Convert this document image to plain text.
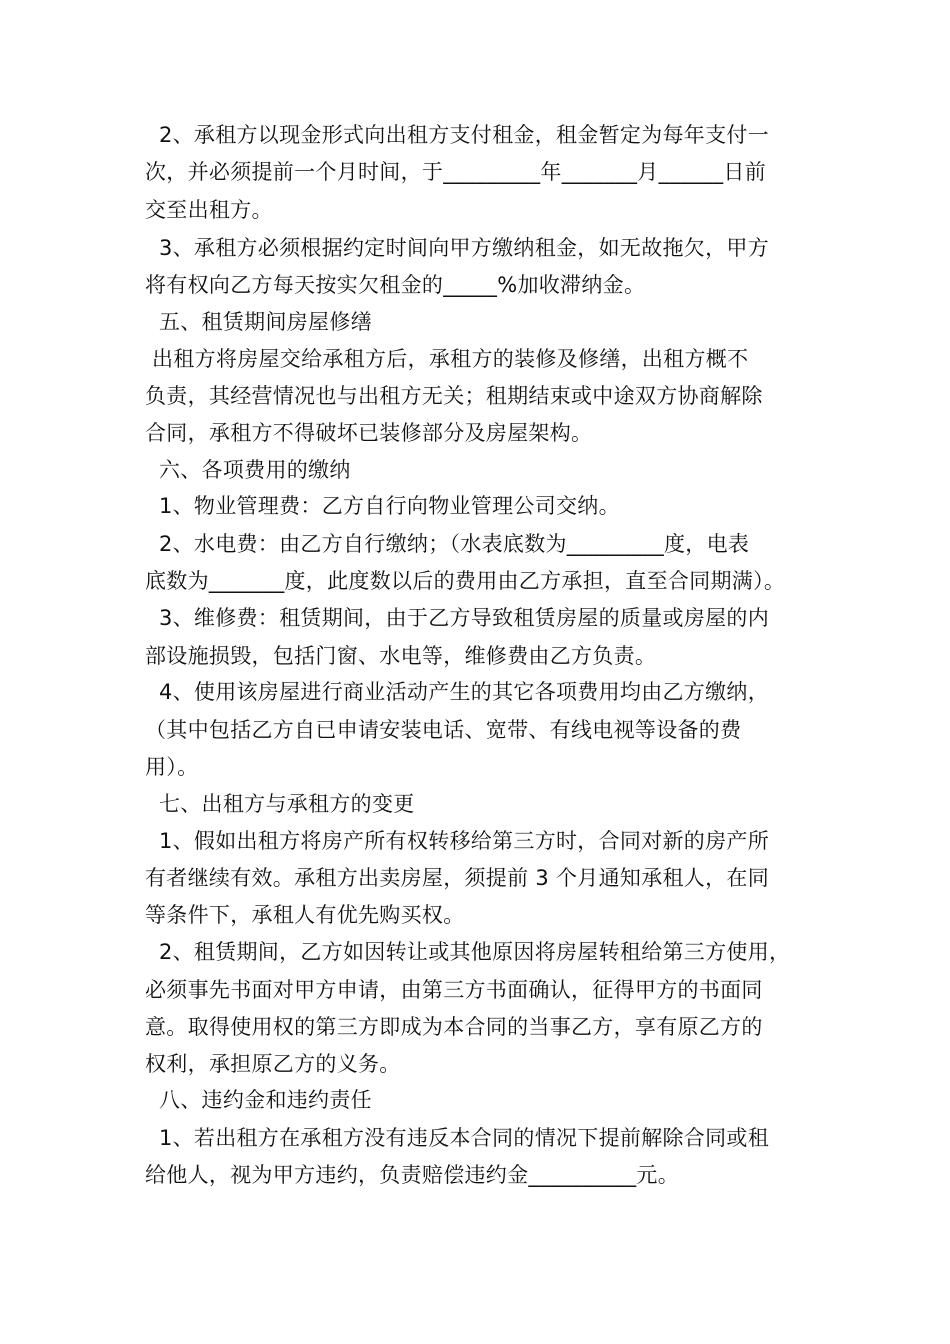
2、承租方以现金形式向出租方支付租金，租金暂定为每年支付一
次，并必须提前一个月时间，于_________年_______月______日前
交至出租方。
3、承租方必须根据约定时间向甲方缴纳租金，如无故拖欠，甲方
将有权向乙方每天按实欠租金的_____%加收滞纳金。
五、租赁期间房屋修缮
出租方将房屋交给承租方后，承租方的装修及修缮，出租方概不
负责，其经营情况也与出租方无关；租期结束或中途双方协商解除
合同，承租方不得破坏已装修部分及房屋架构。
六、各项费用的缴纳
1、物业管理费：乙方自行向物业管理公司交纳。
2、水电费：由乙方自行缴纳；（水表底数为_________度，电表
底数为_______度，此度数以后的费用由乙方承担，直至合同期满）。
3、维修费：租赁期间，由于乙方导致租赁房屋的质量或房屋的内
部设施损毁，包括门窗、水电等，维修费由乙方负责。
4、使用该房屋进行商业活动产生的其它各项费用均由乙方缴纳，
（其中包括乙方自已申请安装电话、宽带、有线电视等设备的费
用）。
七、出租方与承租方的变更
1、假如出租方将房产所有权转移给第三方时，合同对新的房产所
有者继续有效。承租方出卖房屋，须提前 3 个月通知承租人，在同
等条件下，承租人有优先购买权。
2、租赁期间，乙方如因转让或其他原因将房屋转租给第三方使用，
必须事先书面对甲方申请，由第三方书面确认，征得甲方的书面同
意。取得使用权的第三方即成为本合同的当事乙方，享有原乙方的
权利，承担原乙方的义务。
八、违约金和违约责任
1、若出租方在承租方没有违反本合同的情况下提前解除合同或租
给他人，视为甲方违约，负责赔偿违约金__________元。
